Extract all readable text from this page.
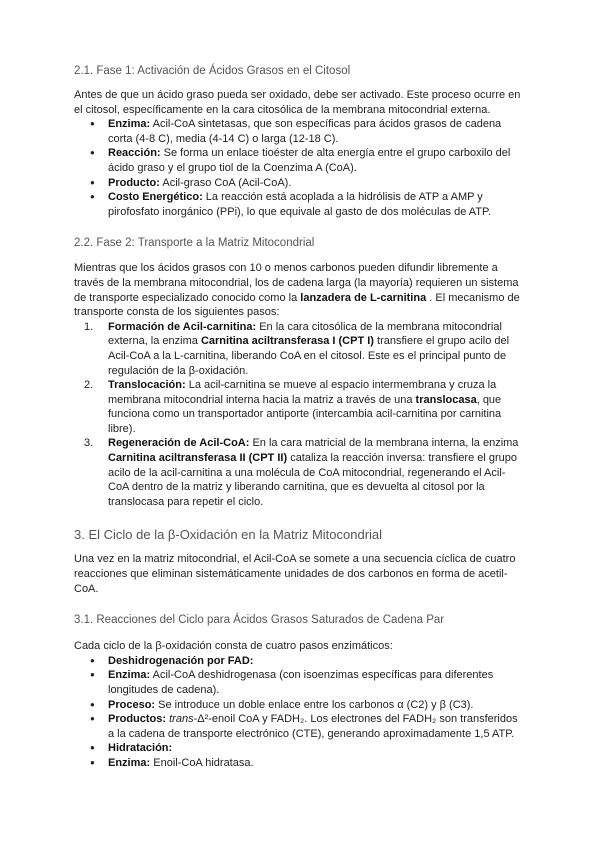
2.1. Fase 1: Activación de Ácidos Grasos en el Citosol

Antes de que un ácido graso pueda ser oxidado, debe ser activado. Este proceso ocurre en el citosol, específicamente en la cara citosólica de la membrana mitocondrial externa.

● Enzima: Acil-CoA sintetasas, que son específicas para ácidos grasos de cadena corta (4-8 C), media (4-14 C) o larga (12-18 C).
● Reacción: Se forma un enlace tioéster de alta energía entre el grupo carboxilo del ácido graso y el grupo tiol de la Coenzima A (CoA).
● Producto: Acil-graso CoA (Acil-CoA).
● Costo Energético: La reacción está acoplada a la hidrólisis de ATP a AMP y pirofosfato inorgánico (PPi), lo que equivale al gasto de dos moléculas de ATP.
2.2. Fase 2: Transporte a la Matriz Mitocondrial

Mientras que los ácidos grasos con 10 o menos carbonos pueden difundir libremente a través de la membrana mitocondrial, los de cadena larga (la mayoría) requieren un sistema de transporte especializado conocido como la lanzadera de L-carnitina . El mecanismo de transporte consta de los siguientes pasos:

1. Formación de Acil-carnitina: En la cara citosólica de la membrana mitocondrial externa, la enzima Carnitina aciltransferasa I (CPT I) transfiere el grupo acilo del Acil-CoA a la L-carnitina, liberando CoA en el citosol. Este es el principal punto de regulación de la β-oxidación.
2. Translocación: La acil-carnitina se mueve al espacio intermembrana y cruza la membrana mitocondrial interna hacia la matriz a través de una translocasa, que funciona como un transportador antiporte (intercambia acil-carnitina por carnitina libre).
3. Regeneración de Acil-CoA: En la cara matricial de la membrana interna, la enzima Carnitina aciltransferasa II (CPT II) cataliza la reacción inversa: transfiere el grupo acilo de la acil-carnitina a una molécula de CoA mitocondrial, regenerando el Acil-CoA dentro de la matriz y liberando carnitina, que es devuelta al citosol por la translocasa para repetir el ciclo.
3. El Ciclo de la β-Oxidación en la Matriz Mitocondrial

Una vez en la matriz mitocondrial, el Acil-CoA se somete a una secuencia cíclica de cuatro reacciones que eliminan sistemáticamente unidades de dos carbonos en forma de acetil-CoA.

3.1. Reacciones del Ciclo para Ácidos Grasos Saturados de Cadena Par

Cada ciclo de la β-oxidación consta de cuatro pasos enzimáticos:

● Deshidrogenación por FAD:
● Enzima: Acil-CoA deshidrogenasa (con isoenzimas específicas para diferentes longitudes de cadena).
● Proceso: Se introduce un doble enlace entre los carbonos α (C2) y β (C3).
● Productos: trans-Δ²-enoil CoA y FADH₂. Los electrones del FADH₂ son transferidos a la cadena de transporte electrónico (CTE), generando aproximadamente 1,5 ATP.
● Hidratación:
● Enzima: Enoil-CoA hidratasa.
